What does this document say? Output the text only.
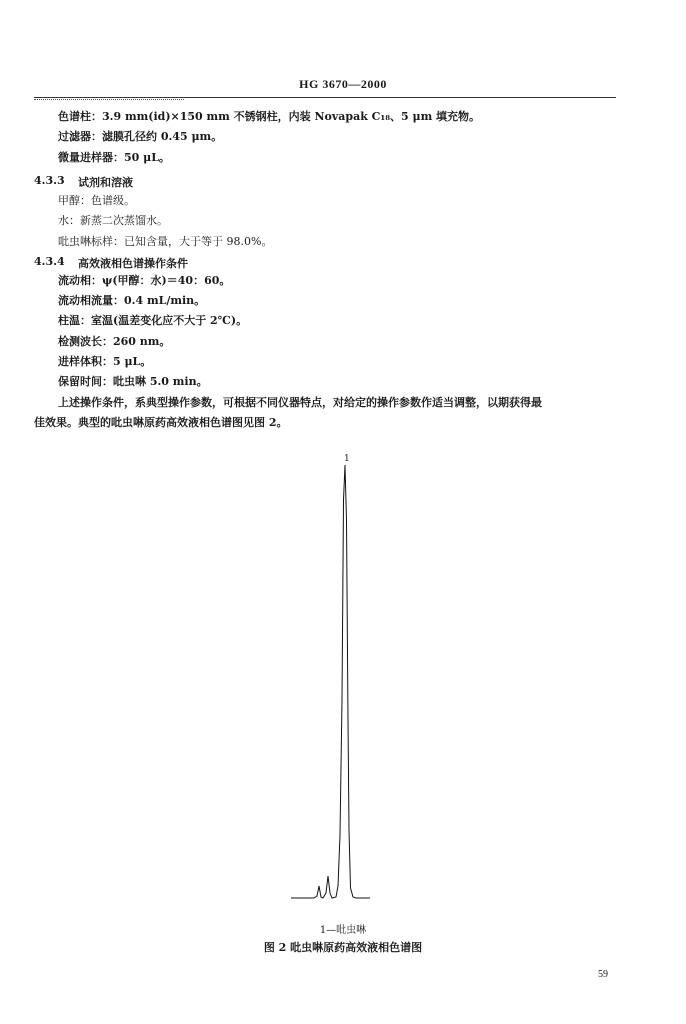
HG 3670—2000
色谱柱：3.9 mm(id)×150 mm 不锈钢柱，内装 Novapak C₁₈、5 μm 填充物。
过滤器：滤膜孔径约 0.45 μm。
微量进样器：50 μL。
4.3.3 试剂和溶液
甲醇：色谱级。
水：新蒸二次蒸馏水。
吡虫啉标样：已知含量，大于等于 98.0%。
4.3.4 高效液相色谱操作条件
流动相：ψ(甲醇：水)＝40：60。
流动相流量：0.4 mL/min。
柱温：室温(温差变化应不大于 2℃)。
检测波长：260 nm。
进样体积：5 μL。
保留时间：吡虫啉 5.0 min。
上述操作条件，系典型操作参数，可根据不同仪器特点，对给定的操作参数作适当调整，以期获得最
佳效果。典型的吡虫啉原药高效液相色谱图见图 2。
1
1—吡虫啉
图 2 吡虫啉原药高效液相色谱图
59
